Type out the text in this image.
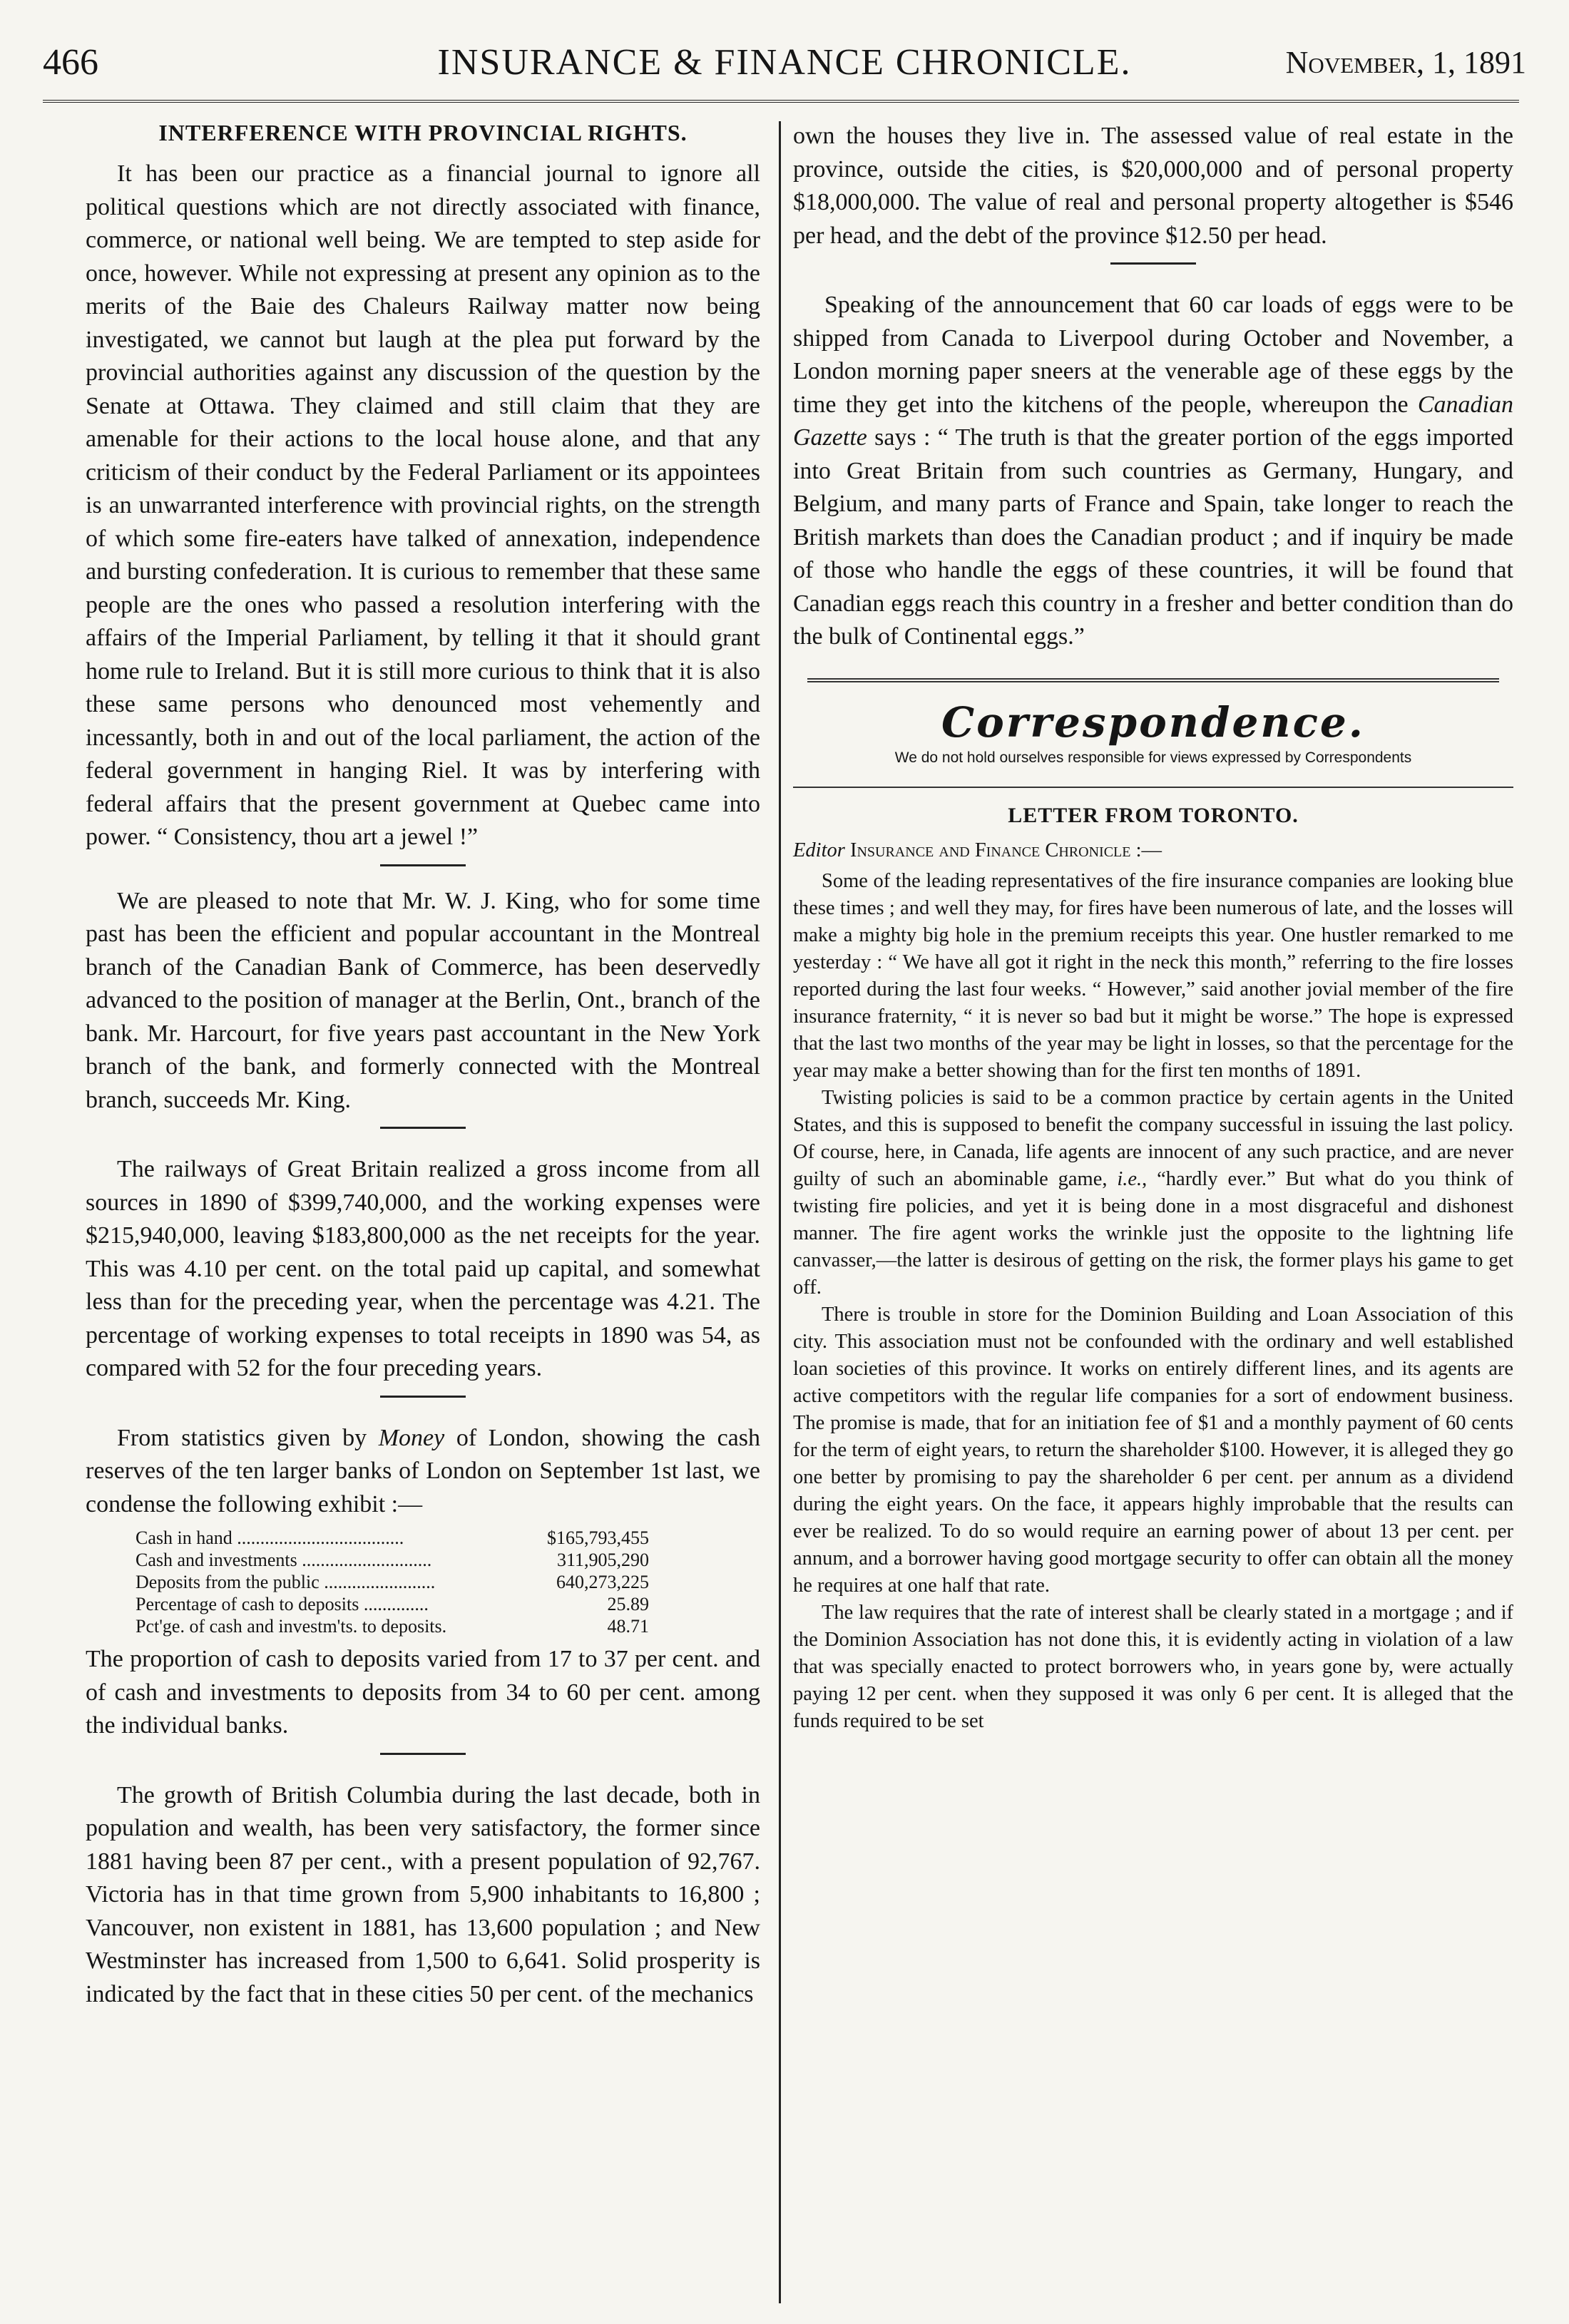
466	INSURANCE & FINANCE CHRONICLE.	November, 1, 1891
INTERFERENCE WITH PROVINCIAL RIGHTS.

It has been our practice as a financial journal to ignore all political questions which are not directly associated with finance, commerce, or national well being. We are tempted to step aside for once, however. While not expressing at present any opinion as to the merits of the Baie des Chaleurs Railway matter now being investigated, we cannot but laugh at the plea put forward by the provincial authorities against any discussion of the question by the Senate at Ottawa. They claimed and still claim that they are amenable for their actions to the local house alone, and that any criticism of their conduct by the Federal Parliament or its appointees is an unwarranted interference with provincial rights, on the strength of which some fire-eaters have talked of annexation, independence and bursting confederation. It is curious to remember that these same people are the ones who passed a resolution interfering with the affairs of the Imperial Parliament, by telling it that it should grant home rule to Ireland. But it is still more curious to think that it is also these same persons who denounced most vehemently and incessantly, both in and out of the local parliament, the action of the federal government in hanging Riel. It was by interfering with federal affairs that the present government at Quebec came into power. “ Consistency, thou art a jewel !”

We are pleased to note that Mr. W. J. King, who for some time past has been the efficient and popular accountant in the Montreal branch of the Canadian Bank of Commerce, has been deservedly advanced to the position of manager at the Berlin, Ont., branch of the bank. Mr. Harcourt, for five years past accountant in the New York branch of the bank, and formerly connected with the Montreal branch, succeeds Mr. King.

The railways of Great Britain realized a gross income from all sources in 1890 of $399,740,000, and the working expenses were $215,940,000, leaving $183,800,000 as the net receipts for the year. This was 4.10 per cent. on the total paid up capital, and somewhat less than for the preceding year, when the percentage was 4.21. The percentage of working expenses to total receipts in 1890 was 54, as compared with 52 for the four preceding years.

From statistics given by Money of London, showing the cash reserves of the ten larger banks of London on September 1st last, we condense the following exhibit :—

Cash in hand ....................................	$165,793,455
Cash and investments ............................	311,905,290
Deposits from the public ........................	640,273,225
Percentage of cash to deposits ..............	25.89
Pct'ge. of cash and investm'ts. to deposits.	48.71

The proportion of cash to deposits varied from 17 to 37 per cent. and of cash and investments to deposits from 34 to 60 per cent. among the individual banks.

The growth of British Columbia during the last decade, both in population and wealth, has been very satisfactory, the former since 1881 having been 87 per cent., with a present population of 92,767. Victoria has in that time grown from 5,900 inhabitants to 16,800 ; Vancouver, non existent in 1881, has 13,600 population ; and New Westminster has increased from 1,500 to 6,641. Solid prosperity is indicated by the fact that in these cities 50 per cent. of the mechanics

own the houses they live in. The assessed value of real estate in the province, outside the cities, is $20,000,000 and of personal property $18,000,000. The value of real and personal property altogether is $546 per head, and the debt of the province $12.50 per head.

Speaking of the announcement that 60 car loads of eggs were to be shipped from Canada to Liverpool during October and November, a London morning paper sneers at the venerable age of these eggs by the time they get into the kitchens of the people, whereupon the Canadian Gazette says : “ The truth is that the greater portion of the eggs imported into Great Britain from such countries as Germany, Hungary, and Belgium, and many parts of France and Spain, take longer to reach the British markets than does the Canadian product ; and if inquiry be made of those who handle the eggs of these countries, it will be found that Canadian eggs reach this country in a fresher and better condition than do the bulk of Continental eggs.”

Correspondence.
We do not hold ourselves responsible for views expressed by Correspondents
LETTER FROM TORONTO.
Editor Insurance and Finance Chronicle :—

Some of the leading representatives of the fire insurance companies are looking blue these times ; and well they may, for fires have been numerous of late, and the losses will make a mighty big hole in the premium receipts this year. One hustler remarked to me yesterday : “ We have all got it right in the neck this month,” referring to the fire losses reported during the last four weeks. “ However,” said another jovial member of the fire insurance fraternity, “ it is never so bad but it might be worse.” The hope is expressed that the last two months of the year may be light in losses, so that the percentage for the year may make a better showing than for the first ten months of 1891.

Twisting policies is said to be a common practice by certain agents in the United States, and this is supposed to benefit the company successful in issuing the last policy. Of course, here, in Canada, life agents are innocent of any such practice, and are never guilty of such an abominable game, i.e., “hardly ever.” But what do you think of twisting fire policies, and yet it is being done in a most disgraceful and dishonest manner. The fire agent works the wrinkle just the opposite to the lightning life canvasser,—the latter is desirous of getting on the risk, the former plays his game to get off.

There is trouble in store for the Dominion Building and Loan Association of this city. This association must not be confounded with the ordinary and well established loan societies of this province. It works on entirely different lines, and its agents are active competitors with the regular life companies for a sort of endowment business. The promise is made, that for an initiation fee of $1 and a monthly payment of 60 cents for the term of eight years, to return the shareholder $100. However, it is alleged they go one better by promising to pay the shareholder 6 per cent. per annum as a dividend during the eight years. On the face, it appears highly improbable that the results can ever be realized. To do so would require an earning power of about 13 per cent. per annum, and a borrower having good mortgage security to offer can obtain all the money he requires at one half that rate.

The law requires that the rate of interest shall be clearly stated in a mortgage ; and if the Dominion Association has not done this, it is evidently acting in violation of a law that was specially enacted to protect borrowers who, in years gone by, were actually paying 12 per cent. when they supposed it was only 6 per cent. It is alleged that the funds required to be set
